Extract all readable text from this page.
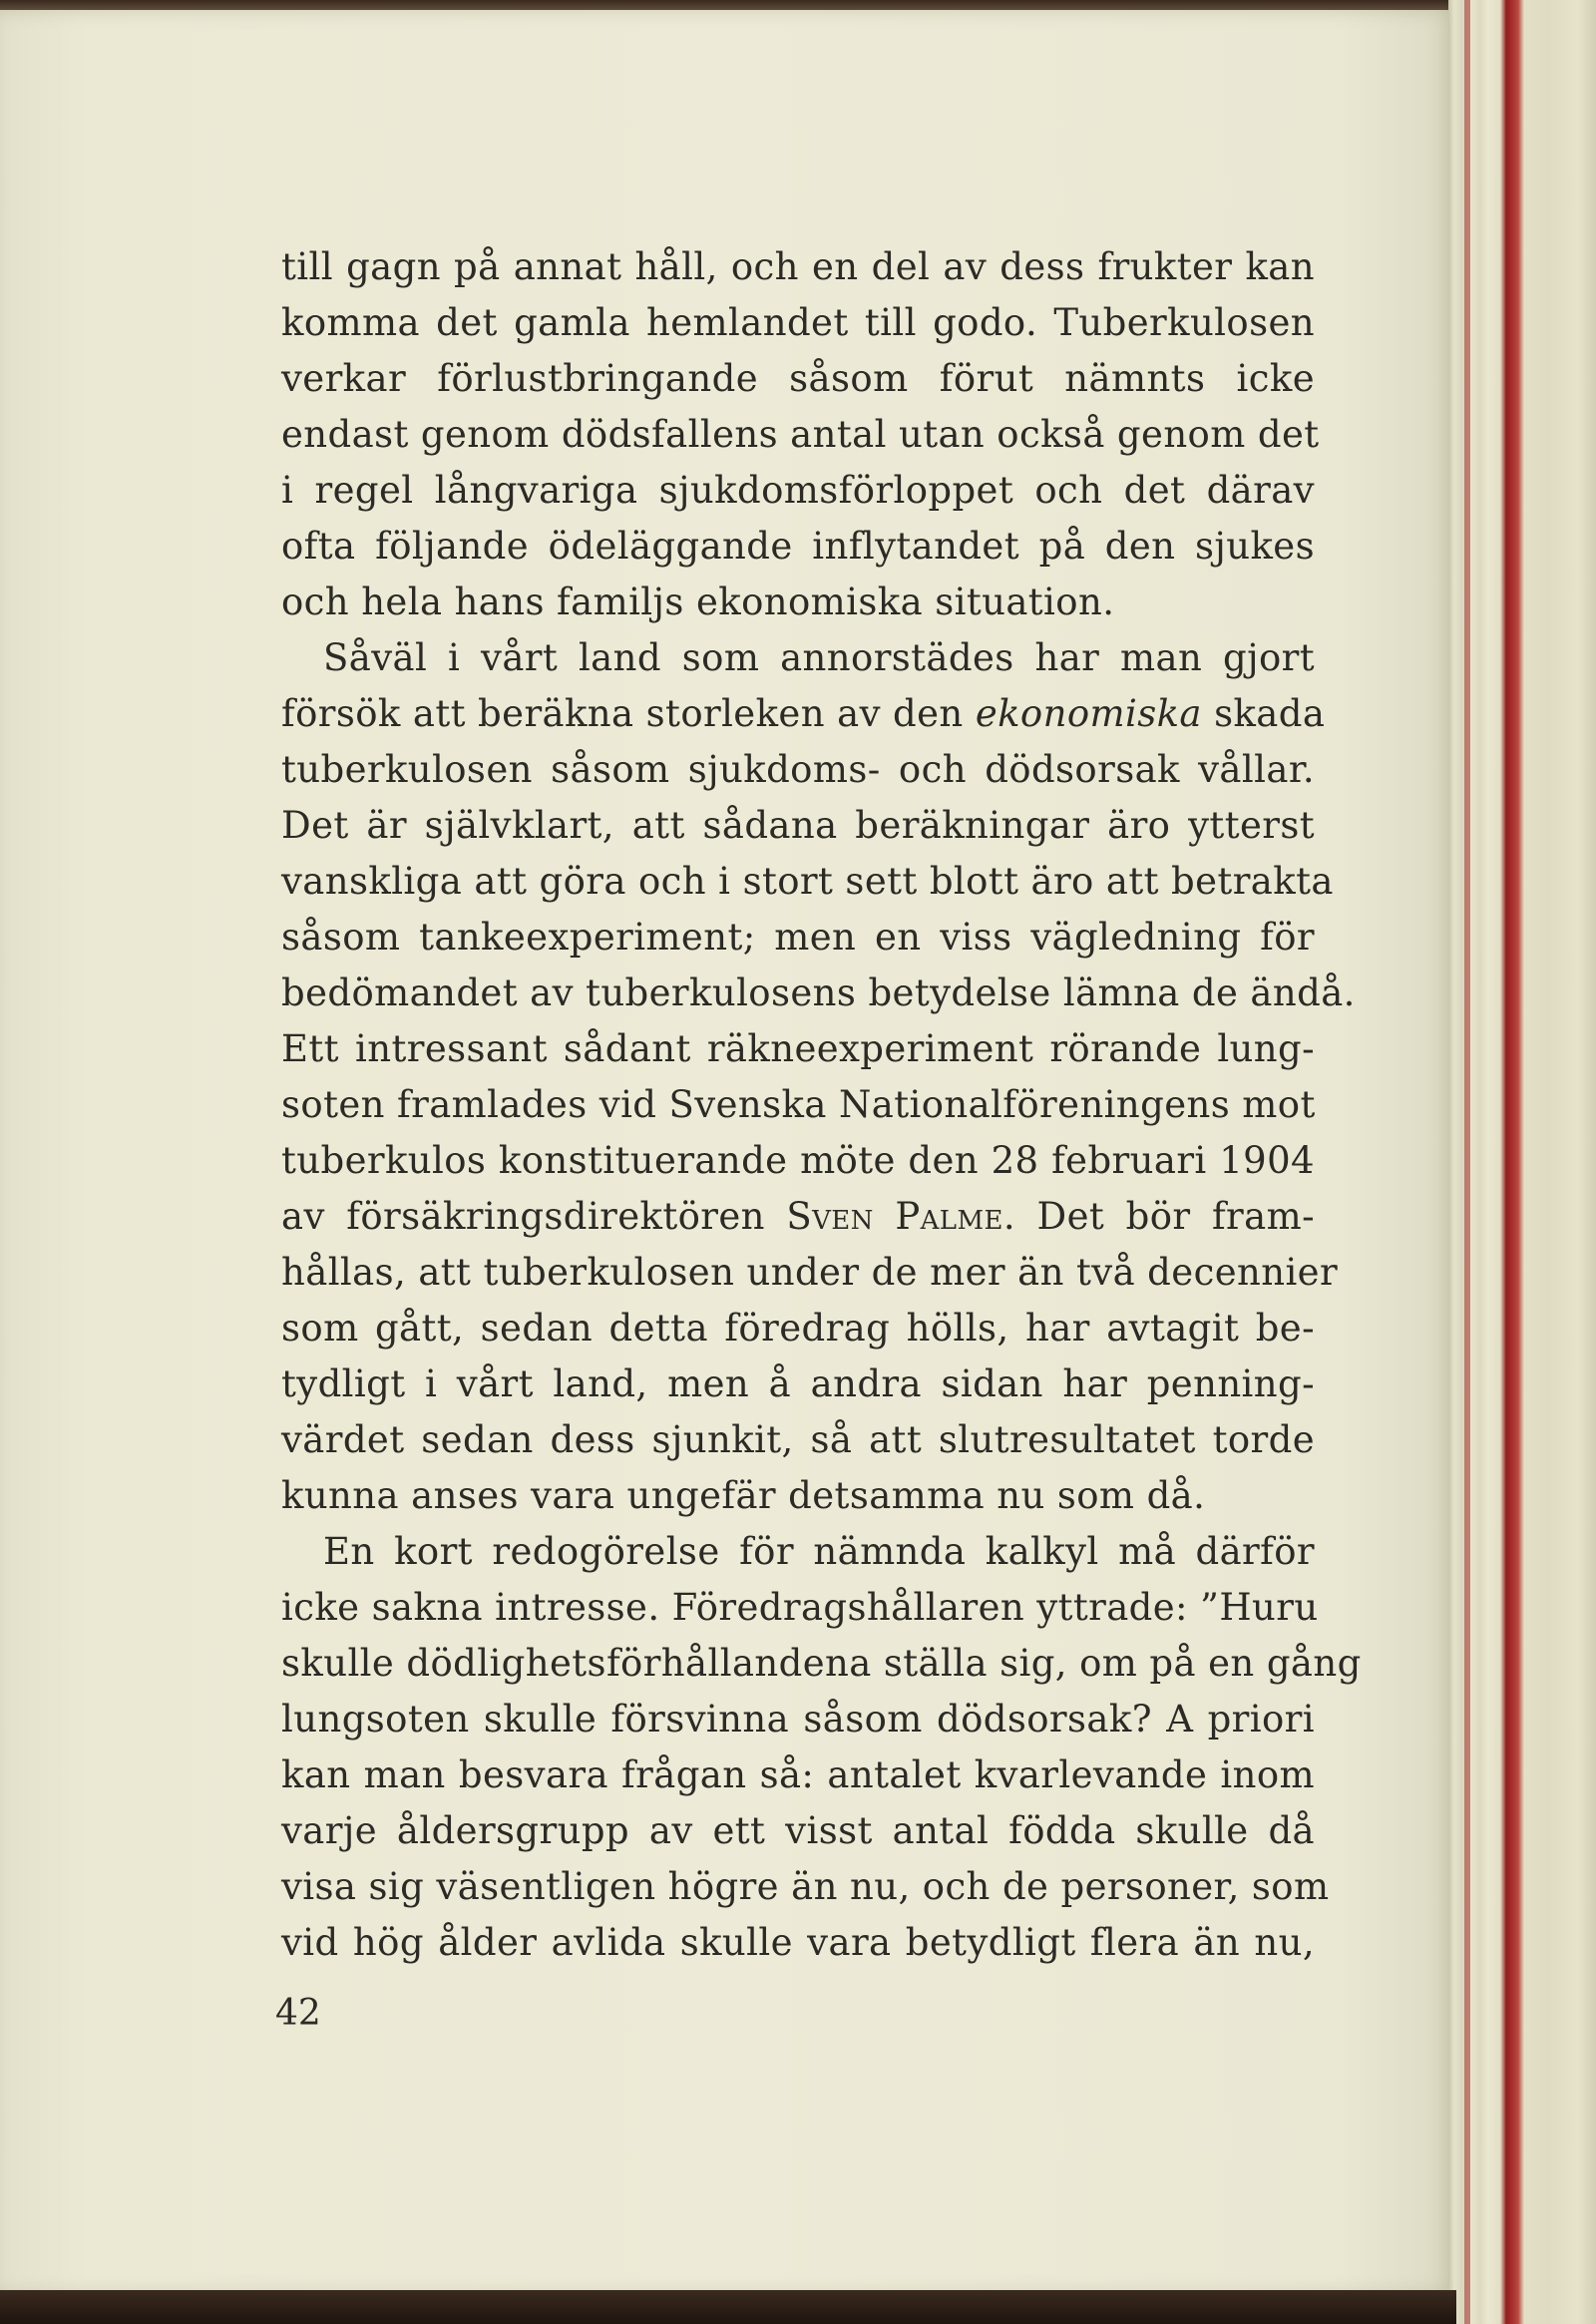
till gagn på annat håll, och en del av dess frukter kan
komma det gamla hemlandet till godo. Tuberkulosen
verkar förlustbringande såsom förut nämnts icke
endast genom dödsfallens antal utan också genom det
i regel långvariga sjukdomsförloppet och det därav
ofta följande ödeläggande inflytandet på den sjukes
och hela hans familjs ekonomiska situation.
Såväl i vårt land som annorstädes har man gjort
försök att beräkna storleken av den ekonomiska skada
tuberkulosen såsom sjukdoms- och dödsorsak vållar.
Det är självklart, att sådana beräkningar äro ytterst
vanskliga att göra och i stort sett blott äro att betrakta
såsom tankeexperiment; men en viss vägledning för
bedömandet av tuberkulosens betydelse lämna de ändå.
Ett intressant sådant räkneexperiment rörande lung-
soten framlades vid Svenska Nationalföreningens mot
tuberkulos konstituerande möte den 28 februari 1904
av försäkringsdirektören Sven Palme. Det bör fram-
hållas, att tuberkulosen under de mer än två decennier
som gått, sedan detta föredrag hölls, har avtagit be-
tydligt i vårt land, men å andra sidan har penning-
värdet sedan dess sjunkit, så att slutresultatet torde
kunna anses vara ungefär detsamma nu som då.
En kort redogörelse för nämnda kalkyl må därför
icke sakna intresse. Föredragshållaren yttrade: ”Huru
skulle dödlighetsförhållandena ställa sig, om på en gång
lungsoten skulle försvinna såsom dödsorsak? A priori
kan man besvara frågan så: antalet kvarlevande inom
varje åldersgrupp av ett visst antal födda skulle då
visa sig väsentligen högre än nu, och de personer, som
vid hög ålder avlida skulle vara betydligt flera än nu,
42
